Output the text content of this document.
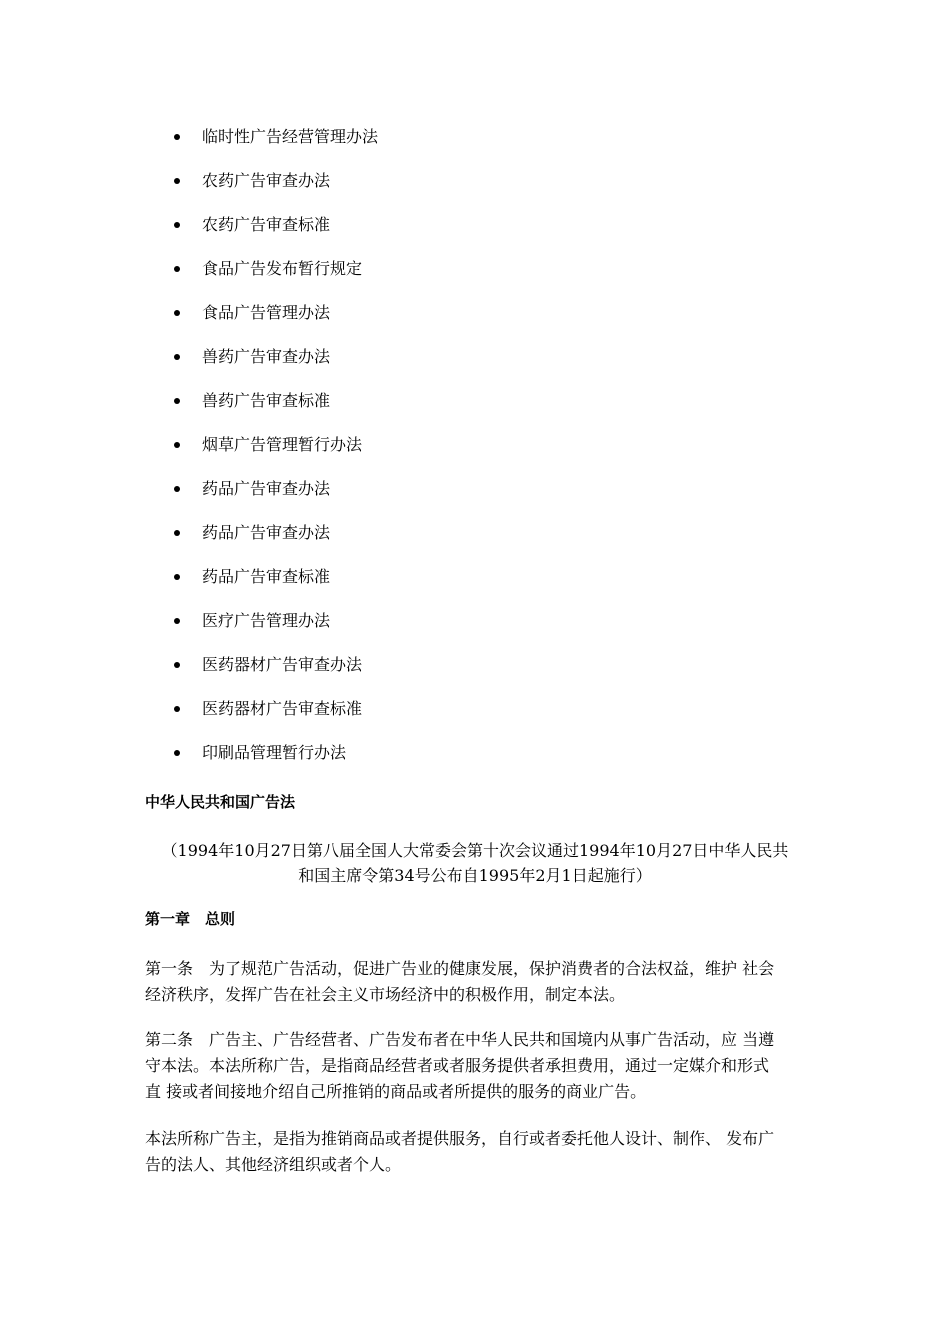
临时性广告经营管理办法
农药广告审查办法
农药广告审查标准
食品广告发布暂行规定
食品广告管理办法
兽药广告审查办法
兽药广告审查标准
烟草广告管理暂行办法
药品广告审查办法
药品广告审查办法
药品广告审查标准
医疗广告管理办法
医药器材广告审查办法
医药器材广告审查标准
印刷品管理暂行办法
中华人民共和国广告法
（1994年10月27日第八届全国人大常委会第十次会议通过1994年10月27日中华人民共
和国主席令第34号公布自1995年2月1日起施行）
第一章　总则
第一条　为了规范广告活动，促进广告业的健康发展，保护消费者的合法权益，维护 社会
经济秩序，发挥广告在社会主义市场经济中的积极作用，制定本法。
第二条　广告主、广告经营者、广告发布者在中华人民共和国境内从事广告活动，应 当遵
守本法。本法所称广告，是指商品经营者或者服务提供者承担费用，通过一定媒介和形式
直 接或者间接地介绍自己所推销的商品或者所提供的服务的商业广告。
本法所称广告主，是指为推销商品或者提供服务，自行或者委托他人设计、制作、 发布广
告的法人、其他经济组织或者个人。
